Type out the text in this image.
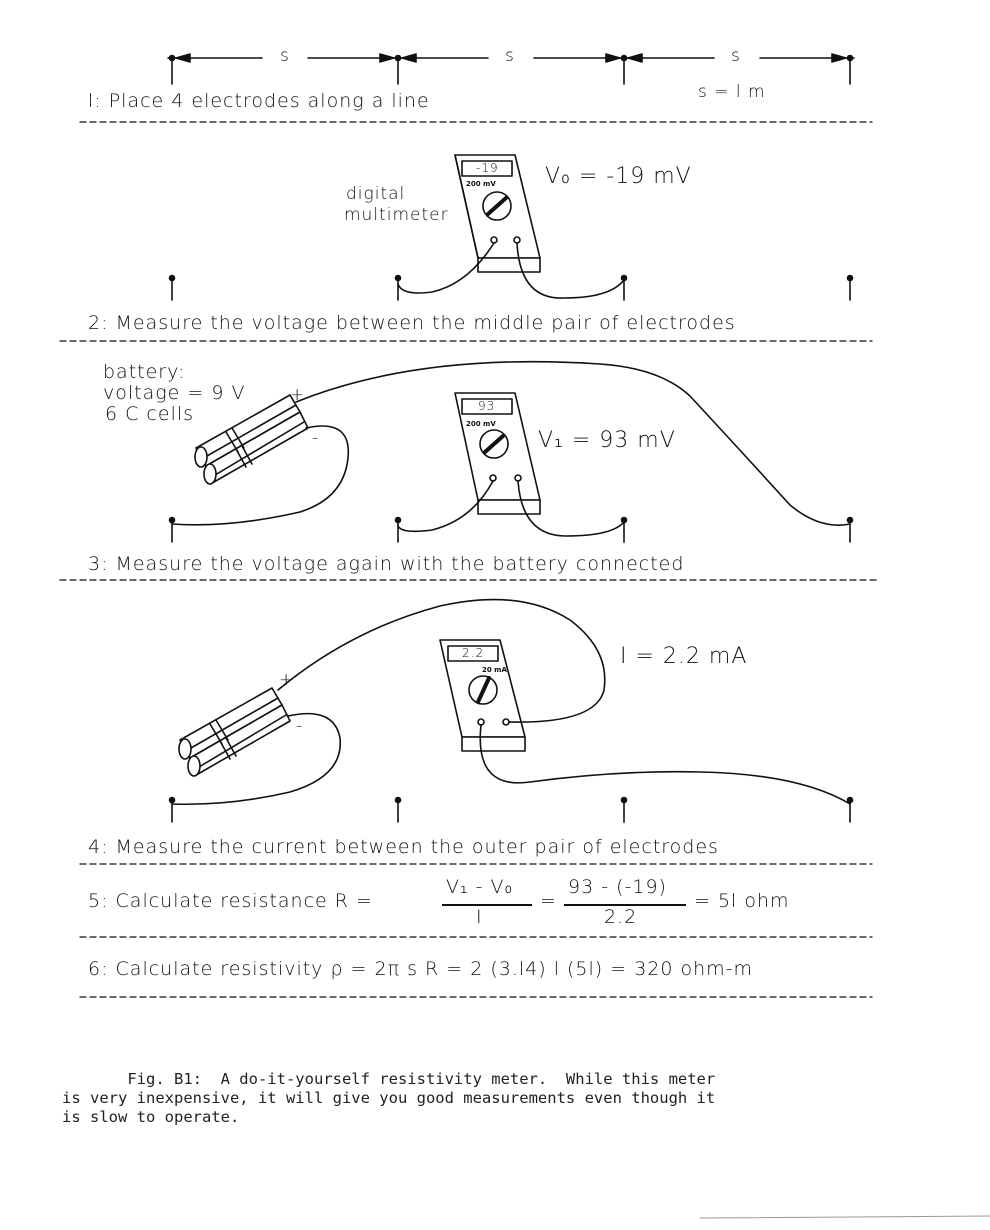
s	s	s
l: Place 4 electrodes along a line	s = l m
digital
multimeter
-19
200 mV V₀ = -19 mV
2: Measure the voltage between the middle pair of electrodes
battery:
voltage = 9 V
6 C cells
+
-
93
200 mV
V₁ = 93 mV
3: Measure the voltage again with the battery connected
+
-
2.2
20 mA
I = 2.2 mA
4: Measure the current between the outer pair of electrodes
5: Calculate resistance R =
V₁ - V₀
I
=
93 - (-19)
2.2
= 5l ohm
6: Calculate resistivity ρ = 2π s R = 2 (3.l4) l (5l) = 320 ohm-m
Fig. B1:  A do-it-yourself resistivity meter.  While this meter
is very inexpensive, it will give you good measurements even though it
is slow to operate.
